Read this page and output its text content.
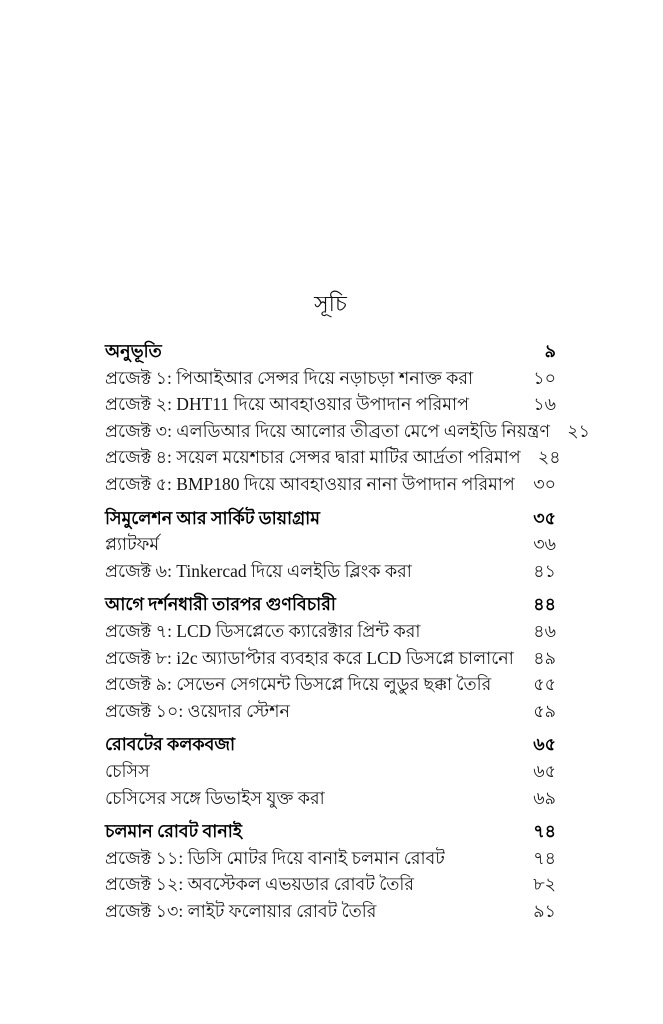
সূচি
অনুভূতি	৯
প্রজেক্ট ১: পিআইআর সেন্সর দিয়ে নড়াচড়া শনাক্ত করা	১০
প্রজেক্ট ২: DHT11 দিয়ে আবহাওয়ার উপাদান পরিমাপ	১৬
প্রজেক্ট ৩: এলডিআর দিয়ে আলোর তীব্রতা মেপে এলইডি নিয়ন্ত্রণ ২১
প্রজেক্ট ৪: সয়েল ময়েশচার সেন্সর দ্বারা মাটির আর্দ্রতা পরিমাপ ২৪
প্রজেক্ট ৫: BMP180 দিয়ে আবহাওয়ার নানা উপাদান পরিমাপ	৩০
সিমুলেশন আর সার্কিট ডায়াগ্রাম	৩৫
প্ল্যাটফর্ম	৩৬
প্রজেক্ট ৬: Tinkercad দিয়ে এলইডি ব্লিংক করা	৪১
আগে দর্শনধারী তারপর গুণবিচারী	৪৪
প্রজেক্ট ৭: LCD ডিসপ্লেতে ক্যারেক্টার প্রিন্ট করা	৪৬
প্রজেক্ট ৮: i2c অ্যাডাপ্টার ব্যবহার করে LCD ডিসপ্লে চালানো	৪৯
প্রজেক্ট ৯: সেভেন সেগমেন্ট ডিসপ্লে দিয়ে লুডুর ছক্কা তৈরি	৫৫
প্রজেক্ট ১০: ওয়েদার স্টেশন	৫৯
রোবটের কলকবজা	৬৫
চেসিস	৬৫
চেসিসের সঙ্গে ডিভাইস যুক্ত করা	৬৯
চলমান রোবট বানাই	৭৪
প্রজেক্ট ১১: ডিসি মোটর দিয়ে বানাই চলমান রোবট	৭৪
প্রজেক্ট ১২: অবস্টেকল এভয়ডার রোবট তৈরি	৮২
প্রজেক্ট ১৩: লাইট ফলোয়ার রোবট তৈরি	৯১
